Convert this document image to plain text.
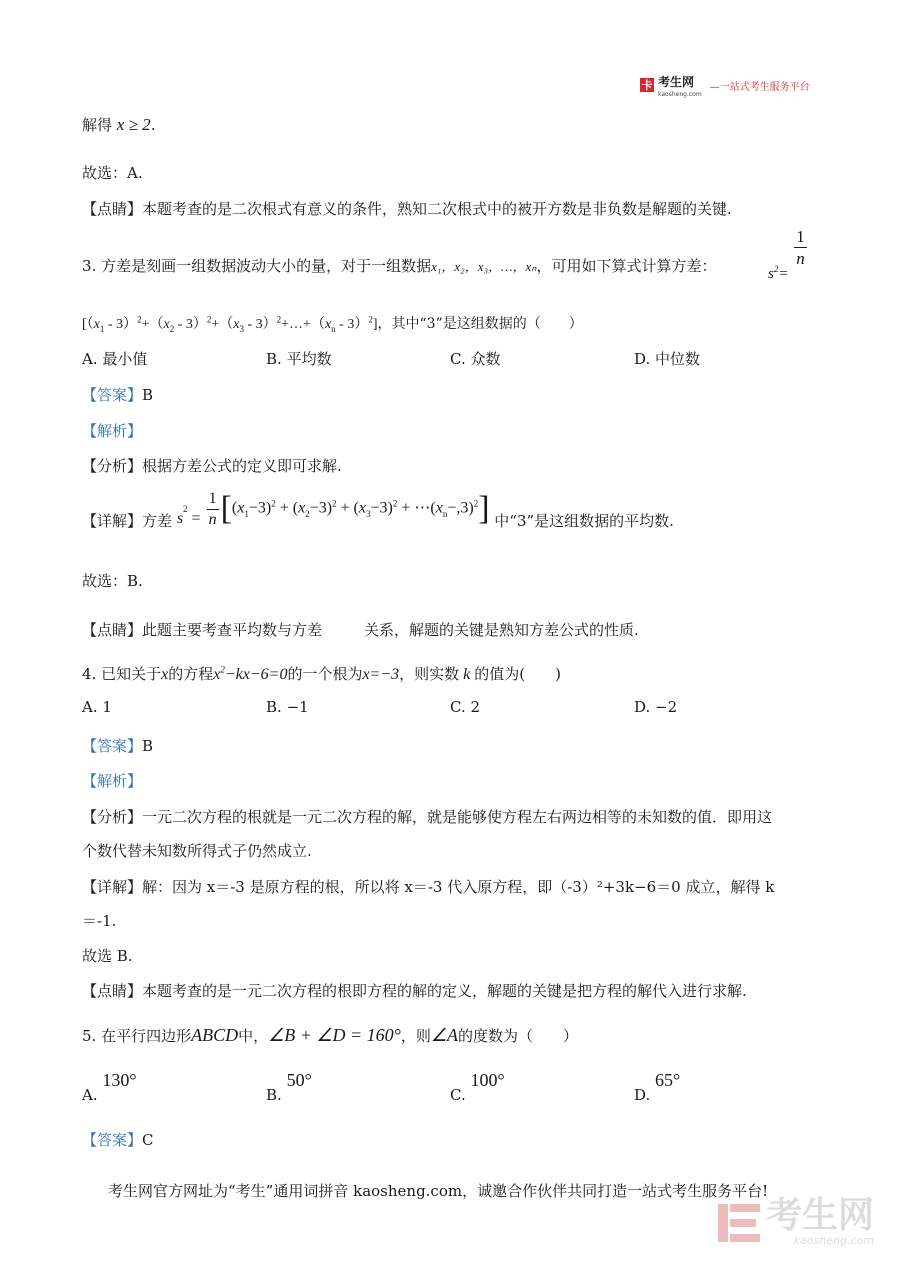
卡 考生网
kaosheng.com
—一站式考生服务平台
解得 x ≥ 2.
故选：A.
【点睛】本题考查的是二次根式有意义的条件，熟知二次根式中的被开方数是非负数是解题的关键.
3. 方差是刻画一组数据波动大小的量，对于一组数据x₁，x₂，x₃，…，xₙ，可用如下算式计算方差：	$s^2=$
$\frac{1}{n}$
[$(x_1 - 3)^2+(x_2 - 3)^2+(x_3$ - $3)^2+\dots+(x_n - 3)^2$]，其中“3”是这组数据的（　　）
A. 最小值	B. 平均数	C. 众数	D. 中位数
【答案】B
【解析】
【分析】根据方差公式的定义即可求解.
【详解】方差 $s^2 = \frac{1}{n} [(x_1-3)^2 + (x_2-3)^2 + (x_3-3)^2$ + $\cdots(x_n-,3)^2$] 中“3”是这组数据的平均数.
故选：B.
【点睛】此题主要考查平均数与方差	关系，解题的关键是熟知方差公式的性质.
4. 已知关于x的方程$x^2-kx-6=0$的一个根为x=−3，则实数 k 的值为(　　)
A. 1	B. −1	C. 2	D. −2
【答案】B
【解析】
【分析】一元二次方程的根就是一元二次方程的解，就是能够使方程左右两边相等的未知数的值．即用这
个数代替未知数所得式子仍然成立.
【详解】解：因为 x＝-3 是原方程的根，所以将 x＝-3 代入原方程，即（-3）²+3k−6＝0 成立，解得 k
＝-1.
故选 B.
【点睛】本题考查的是一元二次方程的根即方程的解的定义，解题的关键是把方程的解代入进行求解.
5. 在平行四边形ABCD中，∠B + ∠D = 160°，则∠A的度数为（　　）
A. 130°
B. 50°
C. 100°
D. 65°
【答案】C
考生网官方网址为“考生”通用词拼音 kaosheng.com，诚邀合作伙伴共同打造一站式考生服务平台!
考生网
kaosheng.com
